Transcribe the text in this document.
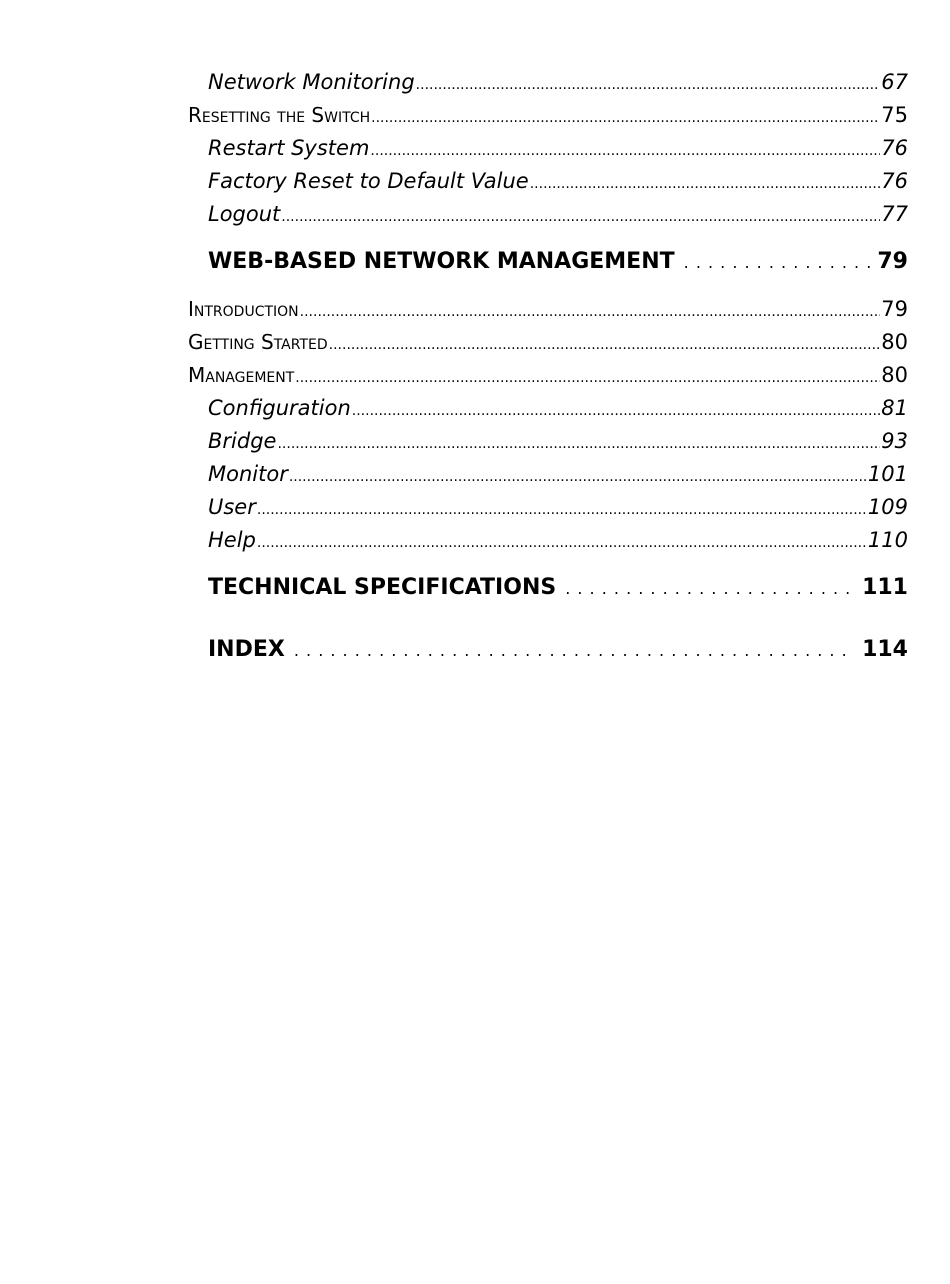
Network Monitoring .....	67
Resetting the Switch .....	75
Restart System .....	76
Factory Reset to Default Value .....	76
Logout .....	77
WEB-BASED NETWORK MANAGEMENT . . .	79
Introduction .....	79
Getting Started .....	80
Management .....	80
Configuration .....	81
Bridge .....	93
Monitor .....	101
User .....	109
Help .....	110
TECHNICAL SPECIFICATIONS . . .	111
INDEX . . .	114
